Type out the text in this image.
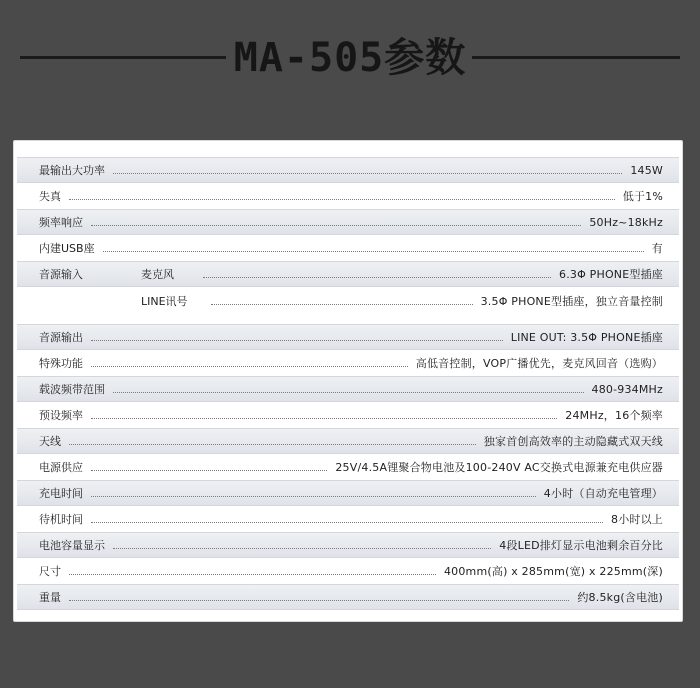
MA-505参数
最输出大功率	145W
失真	低于1%
频率响应	50Hz~18kHz
内建USB座	有
音源输入	麦克风	6.3Φ PHONE型插座
LINE讯号	3.5Φ PHONE型插座，独立音量控制
音源输出	LINE OUT: 3.5Φ PHONE插座
特殊功能	高低音控制，VOP广播优先，麦克风回音（选购）
载波频带范围	480-934MHz
预设频率	24MHz，16个频率
天线	独家首创高效率的主动隐藏式双天线
电源供应	25V/4.5A锂聚合物电池及100-240V AC交换式电源兼充电供应器
充电时间	4小时（自动充电管理）
待机时间	8小时以上
电池容量显示	4段LED排灯显示电池剩余百分比
尺寸	400mm(高) x 285mm(宽) x 225mm(深)
重量	约8.5kg(含电池)
